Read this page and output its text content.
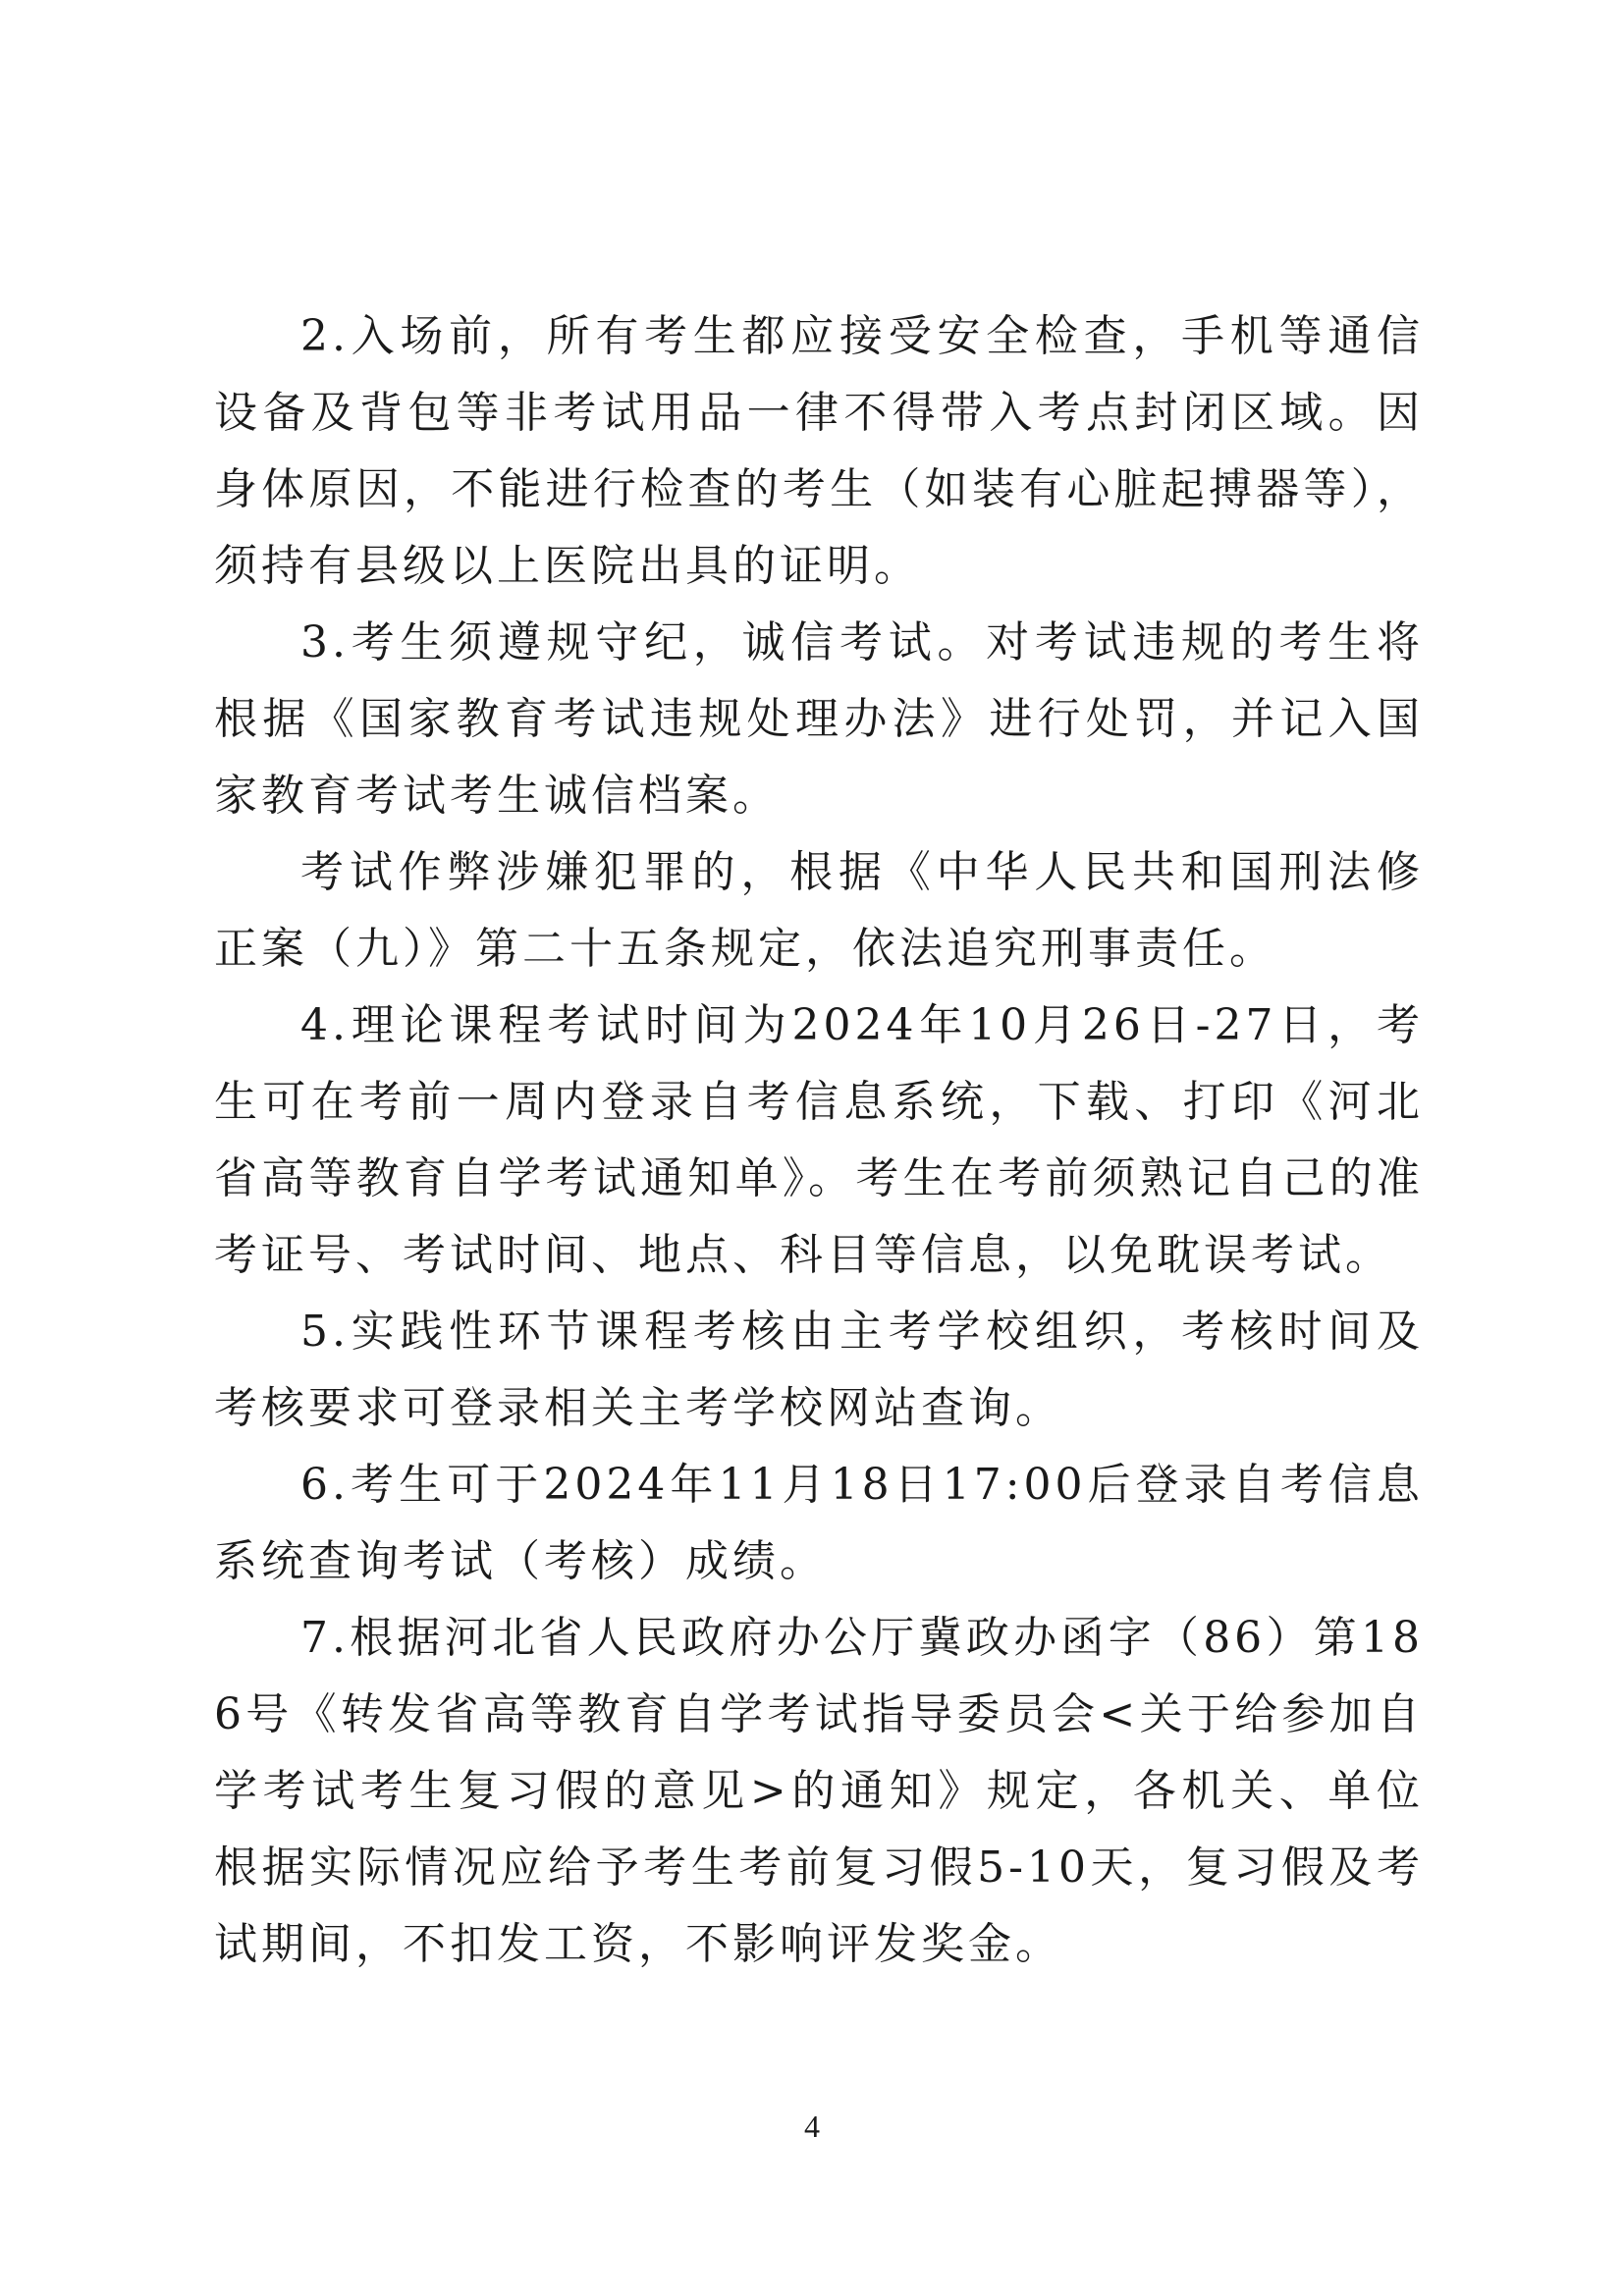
2.入场前，所有考生都应接受安全检查，手机等通信设备及背包等非考试用品一律不得带入考点封闭区域。因身体原因，不能进行检查的考生（如装有心脏起搏器等），须持有县级以上医院出具的证明。

3.考生须遵规守纪，诚信考试。对考试违规的考生将根据《国家教育考试违规处理办法》进行处罚，并记入国家教育考试考生诚信档案。

考试作弊涉嫌犯罪的，根据《中华人民共和国刑法修正案（九）》第二十五条规定，依法追究刑事责任。

4.理论课程考试时间为2024年10月26日-27日，考生可在考前一周内登录自考信息系统，下载、打印《河北省高等教育自学考试通知单》。考生在考前须熟记自己的准考证号、考试时间、地点、科目等信息，以免耽误考试。

5.实践性环节课程考核由主考学校组织，考核时间及考核要求可登录相关主考学校网站查询。

6.考生可于2024年11月18日17:00后登录自考信息系统查询考试（考核）成绩。

7.根据河北省人民政府办公厅冀政办函字（86）第186号《转发省高等教育自学考试指导委员会<关于给参加自学考试考生复习假的意见>的通知》规定，各机关、单位根据实际情况应给予考生考前复习假5-10天，复习假及考试期间，不扣发工资，不影响评发奖金。

4
